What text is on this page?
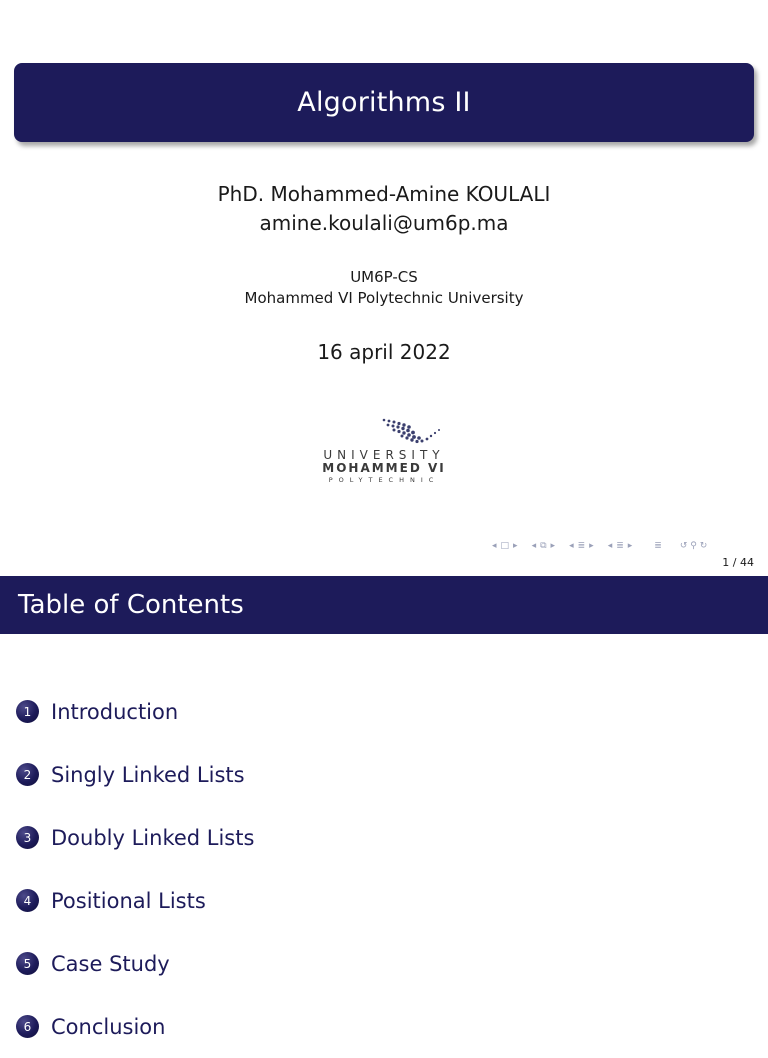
Algorithms II
PhD. Mohammed-Amine KOULALI
amine.koulali@um6p.ma
UM6P-CS
Mohammed VI Polytechnic University
16 april 2022
UNIVERSITY
MOHAMMED VI
POLYTECHNIC
◂ □ ▸ ◂ ⧉ ▸ ◂ ≣ ▸ ◂ ≣ ▸ ≣ ↺ ⚲ ↻
1 / 44
Table of Contents
1 Introduction
2 Singly Linked Lists
3 Doubly Linked Lists
4 Positional Lists
5 Case Study
6 Conclusion
